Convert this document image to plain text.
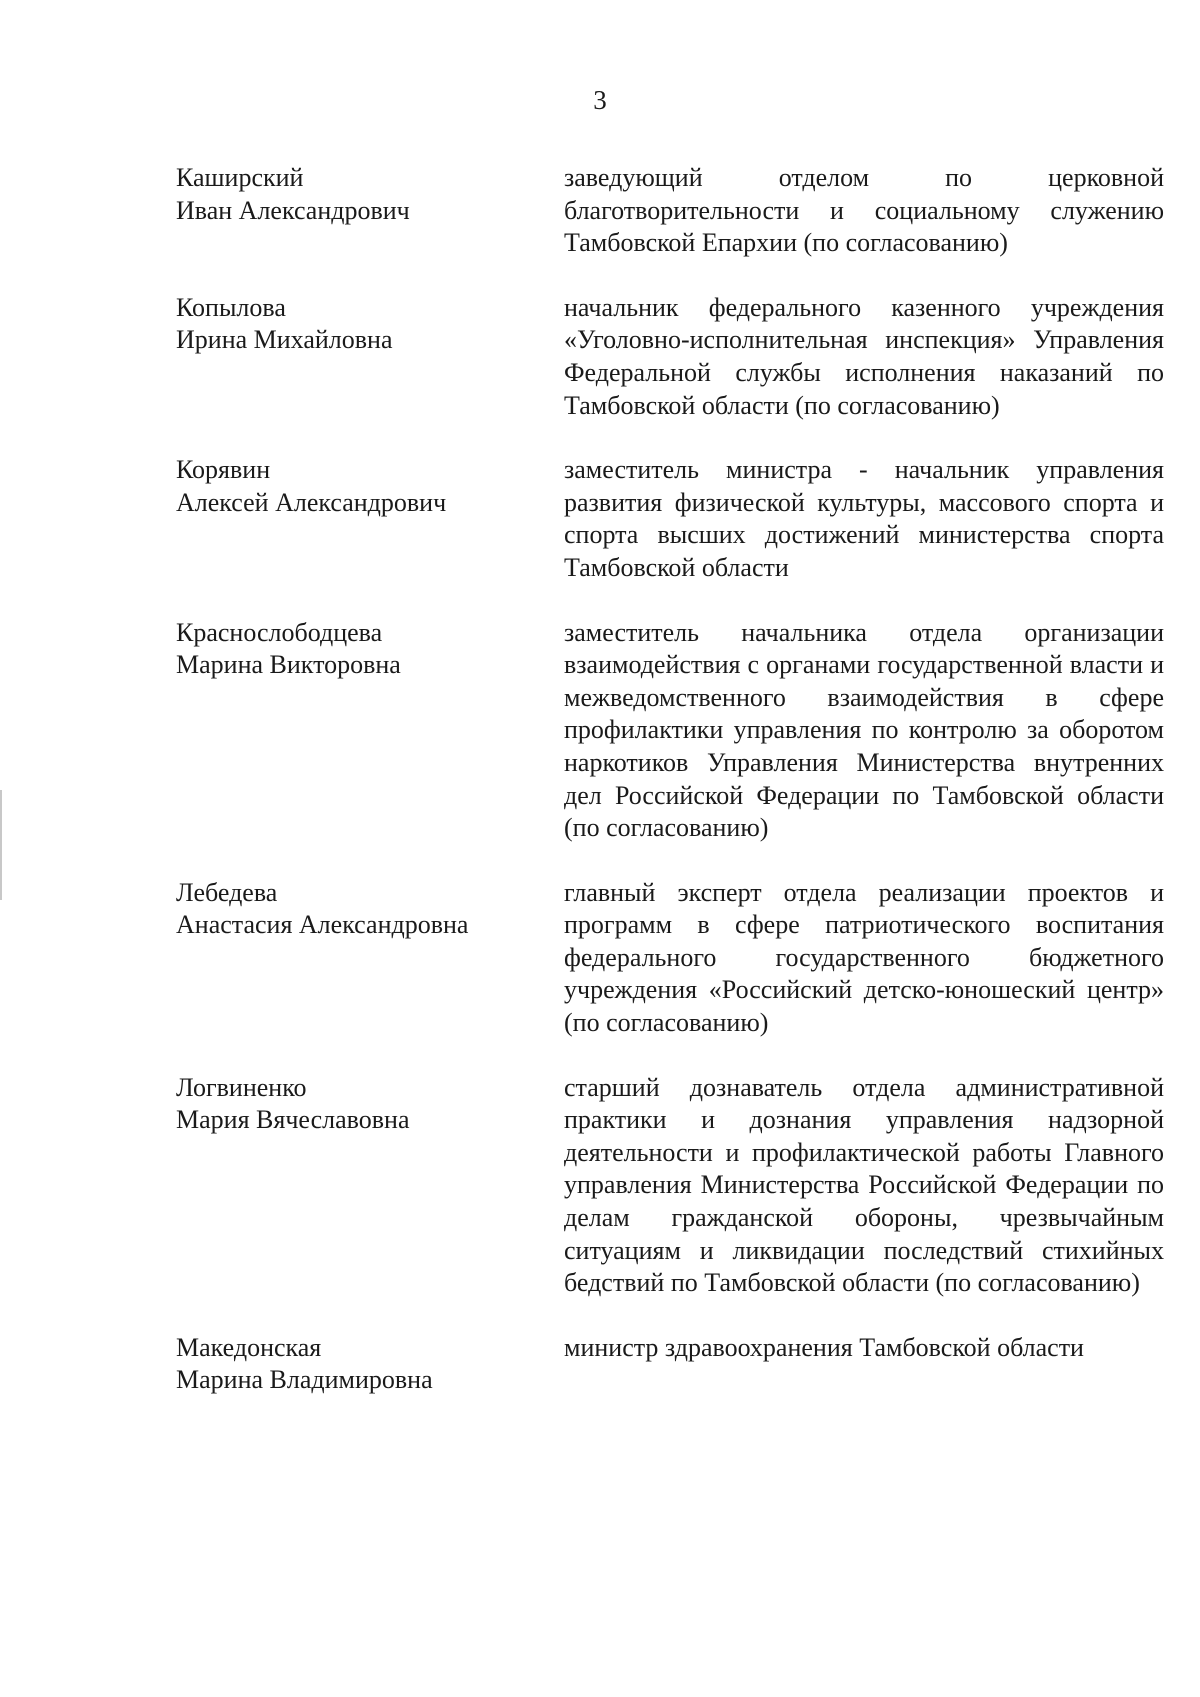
3
Каширский
Иван Александрович
заведующий отделом по церковной благотворительности и социальному служению Тамбовской Епархии (по согласованию)
Копылова
Ирина Михайловна
начальник федерального казенного учреждения «Уголовно-исполнительная инспекция» Управления Федеральной службы исполнения наказаний по Тамбовской области (по согласованию)
Корявин
Алексей Александрович
заместитель министра - начальник управления развития физической культуры, массового спорта и спорта высших достижений министерства спорта Тамбовской области
Краснослободцева
Марина Викторовна
заместитель начальника отдела организации взаимодействия с органами государственной власти и межведомственного взаимодействия в сфере профилактики управления по контролю за оборотом наркотиков Управления Министерства внутренних дел Российской Федерации по Тамбовской области (по согласованию)
Лебедева
Анастасия Александровна
главный эксперт отдела реализации проектов и программ в сфере патриотического воспитания федерального государственного бюджетного учреждения «Российский детско-юношеский центр» (по согласованию)
Логвиненко
Мария Вячеславовна
старший дознаватель отдела административной практики и дознания управления надзорной деятельности и профилактической работы Главного управления Министерства Российской Федерации по делам гражданской обороны, чрезвычайным ситуациям и ликвидации последствий стихийных бедствий по Тамбовской области (по согласованию)
Македонская
Марина Владимировна
министр здравоохранения Тамбовской области
